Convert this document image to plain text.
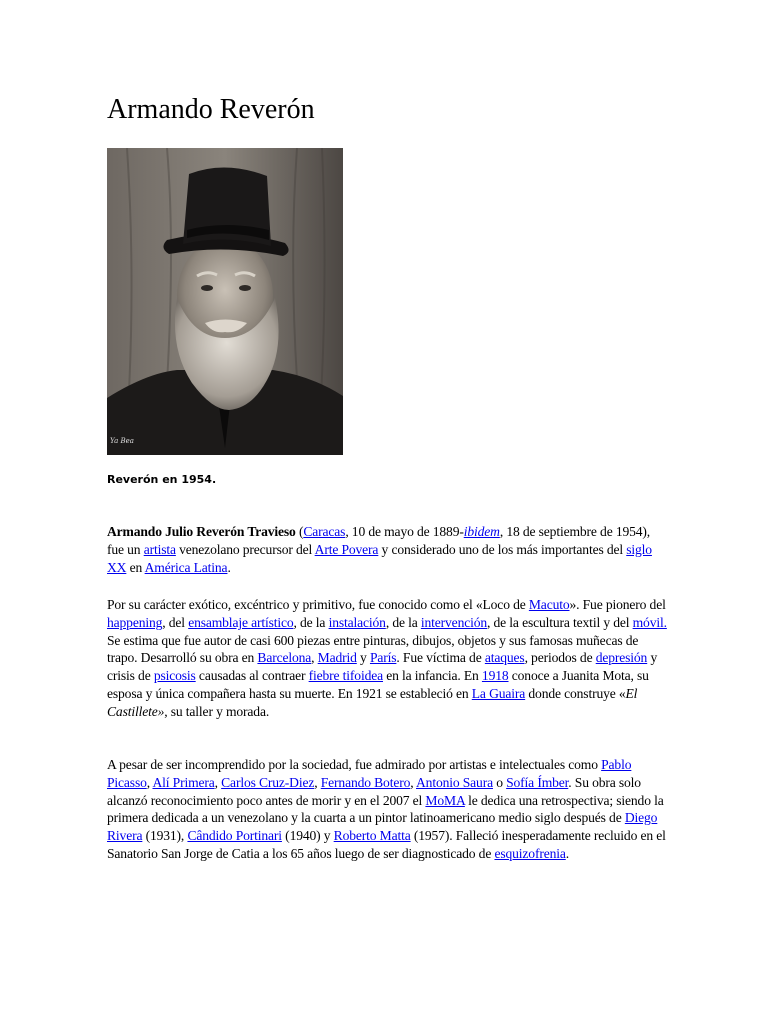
Armando Reverón
Ya Bea

Reverón en 1954.

Armando Julio Reverón Travieso (Caracas, 10 de mayo de 1889-ibidem, 18 de septiembre de 1954), fue un artista venezolano precursor del Arte Povera y considerado uno de los más importantes del siglo XX en América Latina.

Por su carácter exótico, excéntrico y primitivo, fue conocido como el «Loco de Macuto». Fue pionero del happening, del ensamblaje artístico, de la instalación, de la intervención, de la escultura textil y del móvil. Se estima que fue autor de casi 600 piezas entre pinturas, dibujos, objetos y sus famosas muñecas de trapo. Desarrolló su obra en Barcelona, Madrid y París. Fue víctima de ataques, periodos de depresión y crisis de psicosis causadas al contraer fiebre tifoidea en la infancia. En 1918 conoce a Juanita Mota, su esposa y única compañera hasta su muerte. En 1921 se estableció en La Guaira donde construye «El Castillete», su taller y morada.

A pesar de ser incomprendido por la sociedad, fue admirado por artistas e intelectuales como Pablo Picasso, Alí Primera, Carlos Cruz-Diez, Fernando Botero, Antonio Saura o Sofía Ímber. Su obra solo alcanzó reconocimiento poco antes de morir y en el 2007 el MoMA le dedica una retrospectiva; siendo la primera dedicada a un venezolano y la cuarta a un pintor latinoamericano medio siglo después de Diego Rivera (1931), Cândido Portinari (1940) y Roberto Matta (1957). Falleció inesperadamente recluido en el Sanatorio San Jorge de Catia a los 65 años luego de ser diagnosticado de esquizofrenia.
